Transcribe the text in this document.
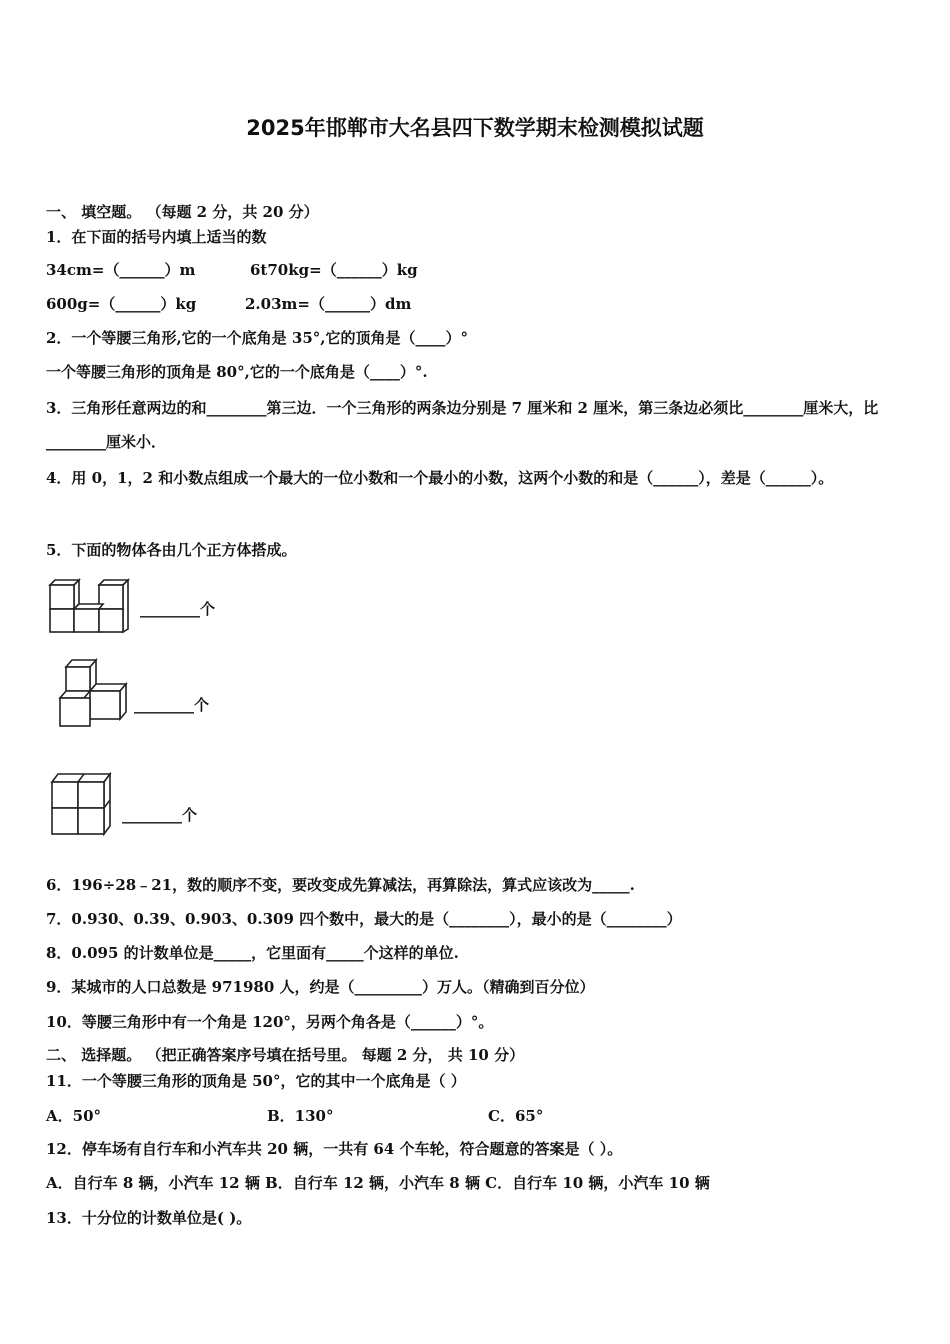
2025年邯郸市大名县四下数学期末检测模拟试题
一、 填空题。 （每题 2 分，共 20 分）
1．在下面的括号内填上适当的数
34cm=（______）m	6t70kg=（______）kg
600g=（______）kg	2.03m=（______）dm
2．一个等腰三角形,它的一个底角是 35°,它的顶角是（____）°
一个等腰三角形的顶角是 80°,它的一个底角是（____）°.
3．三角形任意两边的和________第三边．一个三角形的两条边分别是 7 厘米和 2 厘米，第三条边必须比________厘米大，比________厘米小．
4．用 0，1，2 和小数点组成一个最大的一位小数和一个最小的小数，这两个小数的和是（______），差是（______）。
5．下面的物体各由几个正方体搭成。
________个
________个
________个
6．196÷28﹣21，数的顺序不变，要改变成先算减法，再算除法，算式应该改为_____.
7．0.930、0.39、0.903、0.309 四个数中，最大的是（________），最小的是（________）
8．0.095 的计数单位是_____，它里面有_____个这样的单位.
9．某城市的人口总数是 971980 人，约是（_________）万人。（精确到百分位）
10．等腰三角形中有一个角是 120°，另两个角各是（______）°。
二、 选择题。 （把正确答案序号填在括号里。 每题 2 分， 共 10 分）
11．一个等腰三角形的顶角是 50°，它的其中一个底角是（ ）
A．50°	B．130°	C．65°
12．停车场有自行车和小汽车共 20 辆，一共有 64 个车轮，符合题意的答案是（ ）。
A．自行车 8 辆，小汽车 12 辆 B．自行车 12 辆，小汽车 8 辆 C．自行车 10 辆，小汽车 10 辆
13．十分位的计数单位是( )。
